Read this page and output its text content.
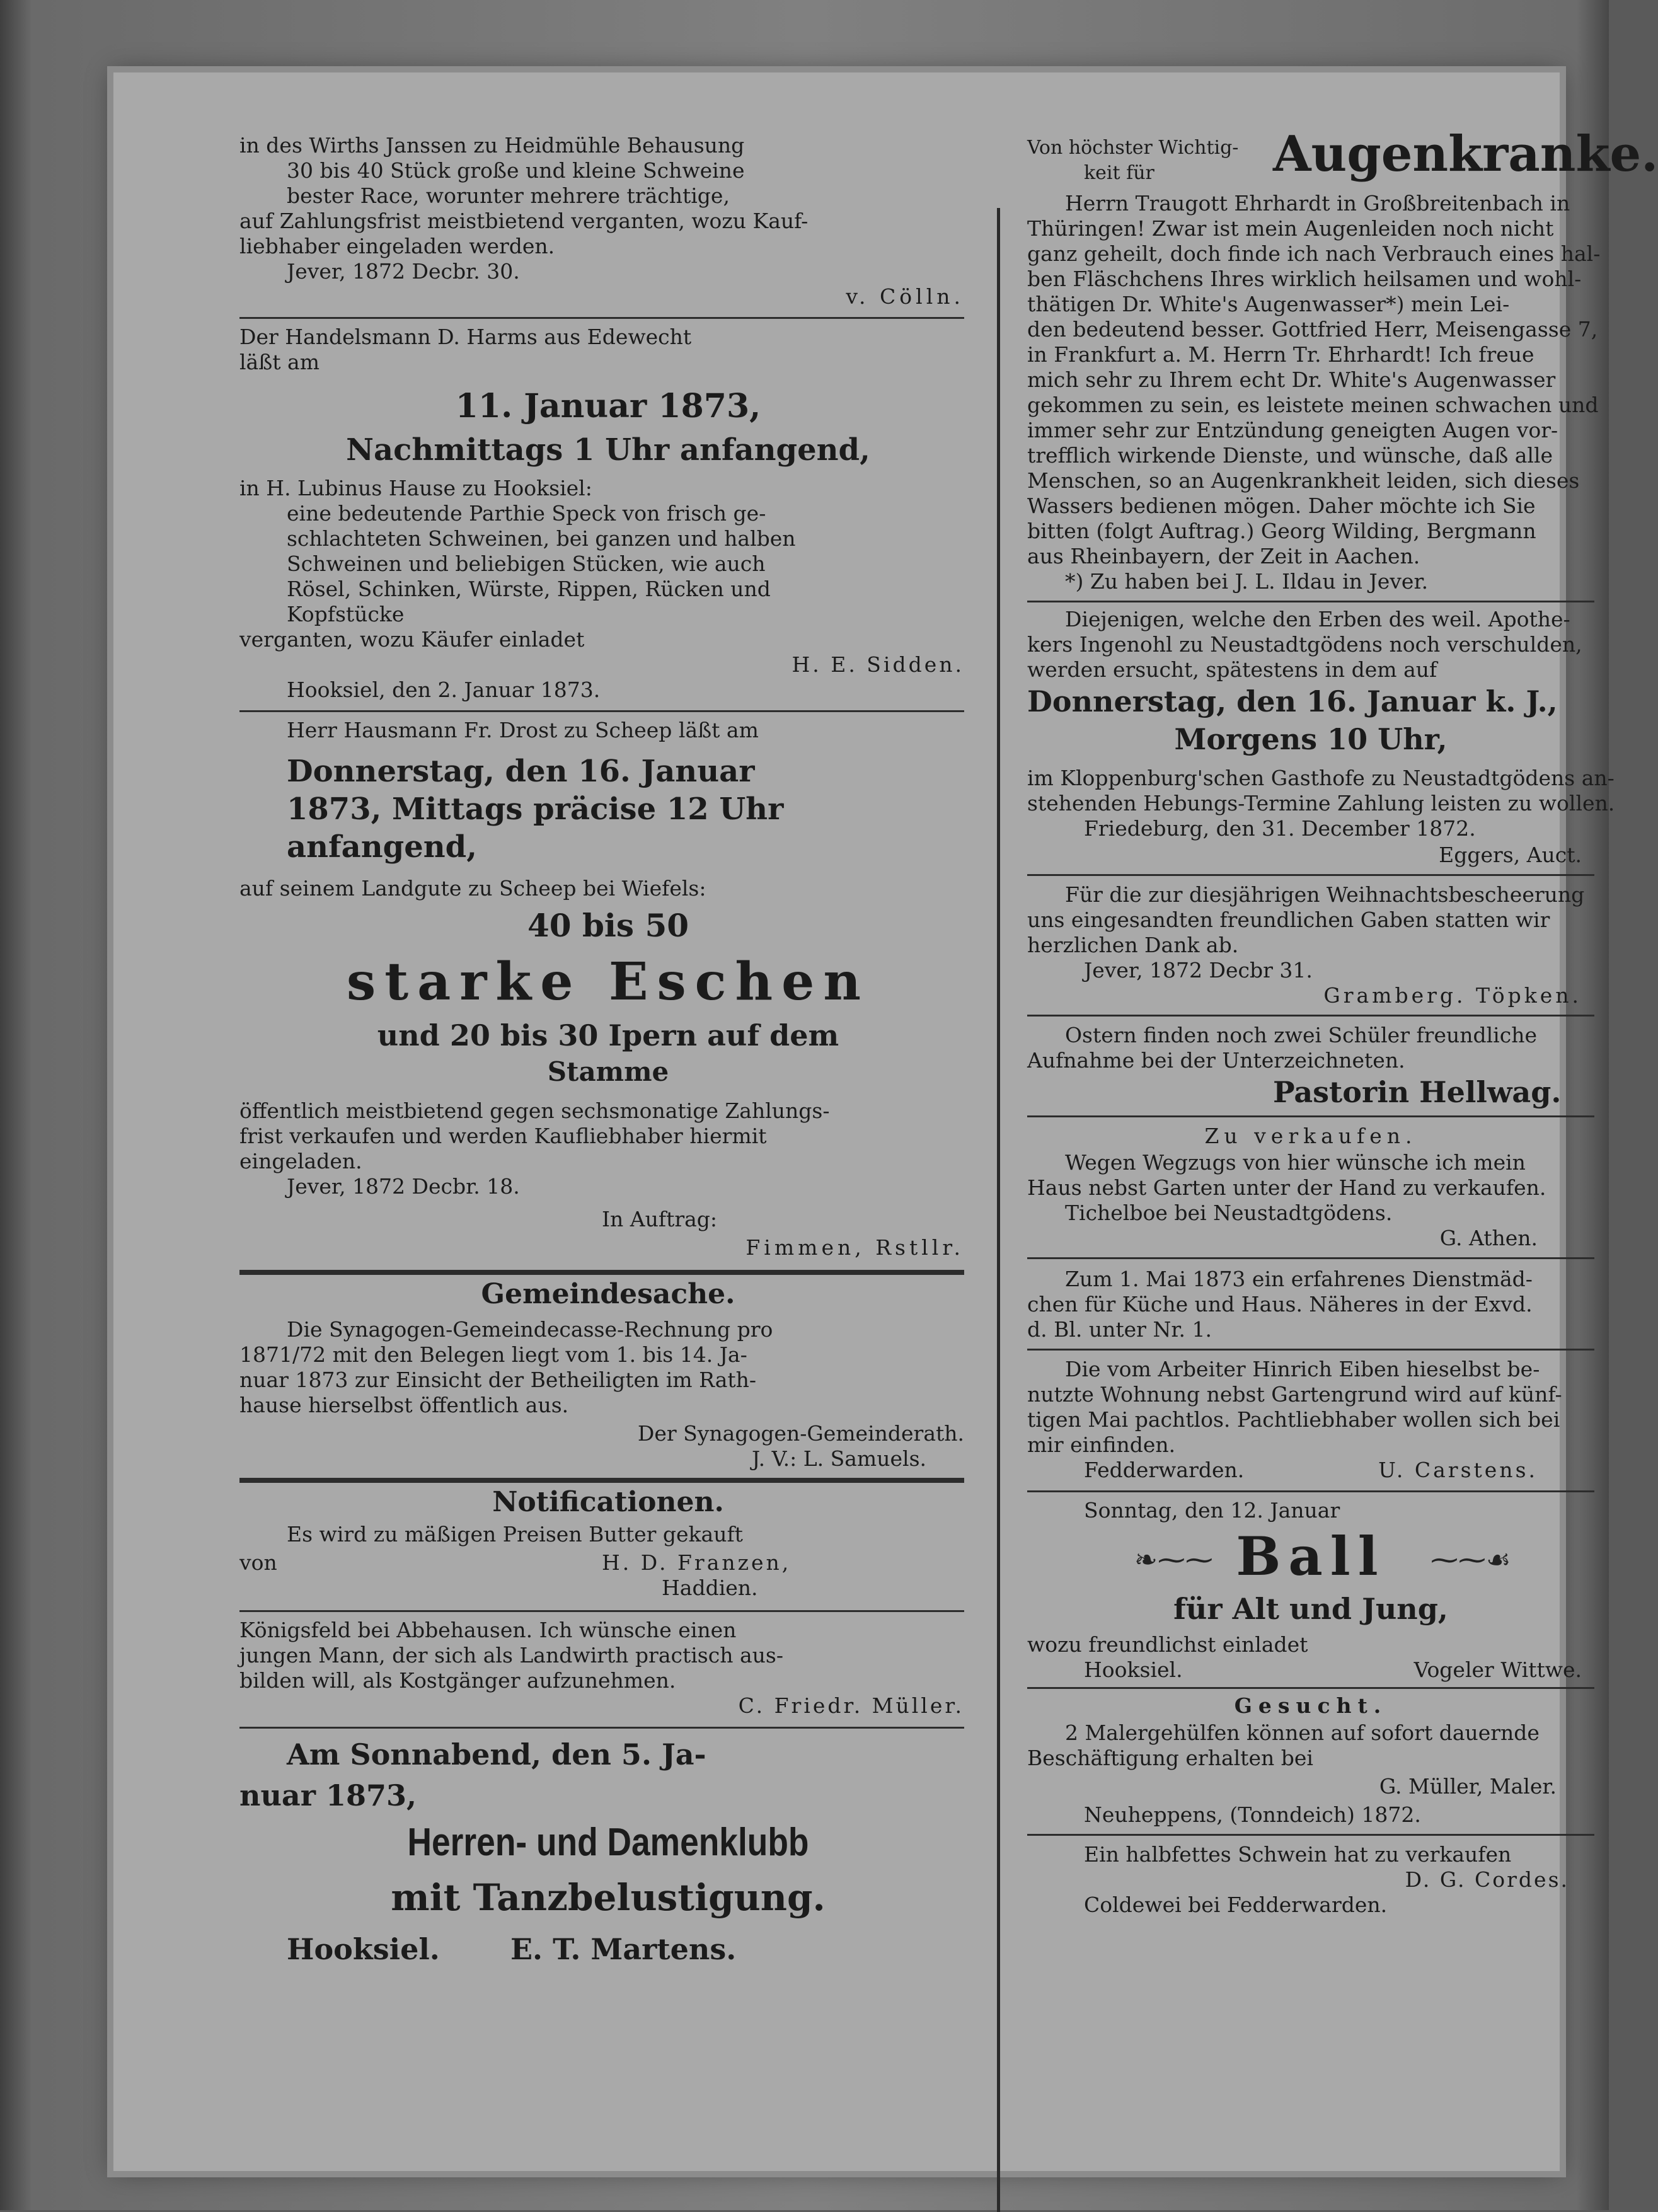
in des Wirths Janssen zu Heidmühle Behausung
30 bis 40 Stück große und kleine Schweine
bester Race, worunter mehrere trächtige,
auf Zahlungsfrist meistbietend verganten, wozu Kauf-
liebhaber eingeladen werden.
Jever, 1872 Decbr. 30.
v. Cölln.
Der Handelsmann D. Harms aus Edewecht
läßt am
11. Januar 1873,
Nachmittags 1 Uhr anfangend,
in H. Lubinus Hause zu Hooksiel:
eine bedeutende Parthie Speck von frisch ge-
schlachteten Schweinen, bei ganzen und halben
Schweinen und beliebigen Stücken, wie auch
Rösel, Schinken, Würste, Rippen, Rücken und
Kopfstücke
verganten, wozu Käufer einladet
H. E. Sidden.
Hooksiel, den 2. Januar 1873.
Herr Hausmann Fr. Drost zu Scheep läßt am
Donnerstag, den 16. Januar
1873, Mittags präcise 12 Uhr
anfangend,
auf seinem Landgute zu Scheep bei Wiefels:
40 bis 50
starke Eschen
und 20 bis 30 Ipern auf dem
Stamme
öffentlich meistbietend gegen sechsmonatige Zahlungs-
frist verkaufen und werden Kaufliebhaber hiermit
eingeladen.
Jever, 1872 Decbr. 18.
In Auftrag:
Fimmen, Rstllr.
Gemeindesache.
Die Synagogen-Gemeindecasse-Rechnung pro
1871/72 mit den Belegen liegt vom 1. bis 14. Ja-
nuar 1873 zur Einsicht der Betheiligten im Rath-
hause hierselbst öffentlich aus.
Der Synagogen-Gemeinderath.
J. V.: L. Samuels.
Notificationen.
Es wird zu mäßigen Preisen Butter gekauft
von	H. D. Franzen,
Haddien.
Königsfeld bei Abbehausen. Ich wünsche einen
jungen Mann, der sich als Landwirth practisch aus-
bilden will, als Kostgänger aufzunehmen.
C. Friedr. Müller.
Am Sonnabend, den 5. Ja-
nuar 1873,
Herren- und Damenklubb
mit Tanzbelustigung.
Hooksiel. E. T. Martens.
Von höchster Wichtig-
keit für Augenkranke.
Herrn Traugott Ehrhardt in Großbreitenbach in
Thüringen! Zwar ist mein Augenleiden noch nicht
ganz geheilt, doch finde ich nach Verbrauch eines hal-
ben Fläschchens Ihres wirklich heilsamen und wohl-
thätigen Dr. White's Augenwasser*) mein Lei-
den bedeutend besser. Gottfried Herr, Meisengasse 7,
in Frankfurt a. M. Herrn Tr. Ehrhardt! Ich freue
mich sehr zu Ihrem echt Dr. White's Augenwasser
gekommen zu sein, es leistete meinen schwachen und
immer sehr zur Entzündung geneigten Augen vor-
trefflich wirkende Dienste, und wünsche, daß alle
Menschen, so an Augenkrankheit leiden, sich dieses
Wassers bedienen mögen. Daher möchte ich Sie
bitten (folgt Auftrag.) Georg Wilding, Bergmann
aus Rheinbayern, der Zeit in Aachen.
*) Zu haben bei J. L. Ildau in Jever.
Diejenigen, welche den Erben des weil. Apothe-
kers Ingenohl zu Neustadtgödens noch verschulden,
werden ersucht, spätestens in dem auf
Donnerstag, den 16. Januar k. J.,
Morgens 10 Uhr,
im Kloppenburg'schen Gasthofe zu Neustadtgödens an-
stehenden Hebungs-Termine Zahlung leisten zu wollen.
Friedeburg, den 31. December 1872.
Eggers, Auct.
Für die zur diesjährigen Weihnachtsbescheerung
uns eingesandten freundlichen Gaben statten wir
herzlichen Dank ab.
Jever, 1872 Decbr 31.
Gramberg. Töpken.
Ostern finden noch zwei Schüler freundliche
Aufnahme bei der Unterzeichneten.
Pastorin Hellwag.
Zu verkaufen.
Wegen Wegzugs von hier wünsche ich mein
Haus nebst Garten unter der Hand zu verkaufen.
Tichelboe bei Neustadtgödens.
G. Athen.
Zum 1. Mai 1873 ein erfahrenes Dienstmäd-
chen für Küche und Haus. Näheres in der Exvd.
d. Bl. unter Nr. 1.
Die vom Arbeiter Hinrich Eiben hieselbst be-
nutzte Wohnung nebst Gartengrund wird auf künf-
tigen Mai pachtlos. Pachtliebhaber wollen sich bei
mir einfinden.
Fedderwarden.	U. Carstens.
Sonntag, den 12. Januar
❧⁓⁓ Ball	⁓⁓☙
für Alt und Jung,
wozu freundlichst einladet
Hooksiel.	Vogeler Wittwe.
Gesucht.
2 Malergehülfen können auf sofort dauernde
Beschäftigung erhalten bei
G. Müller, Maler.
Neuheppens, (Tonndeich) 1872.
Ein halbfettes Schwein hat zu verkaufen
D. G. Cordes.
Coldewei bei Fedderwarden.
